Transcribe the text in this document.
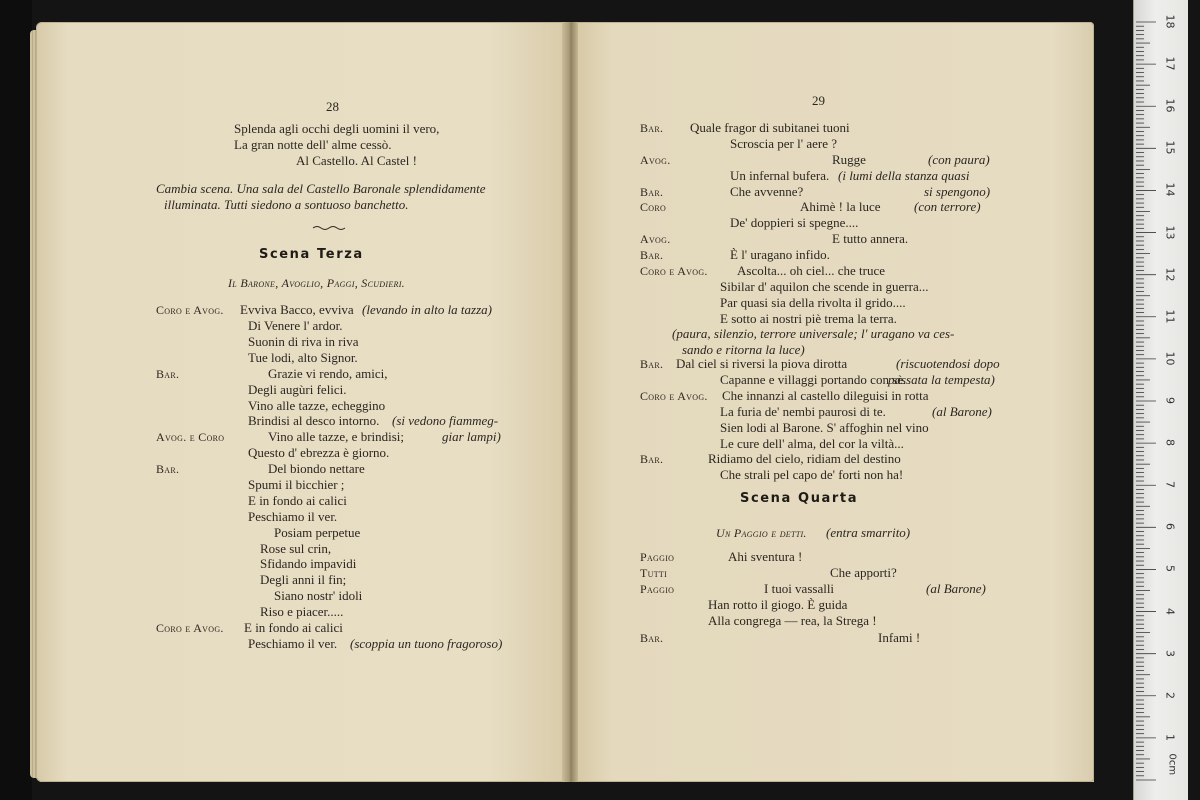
28	29
Scena Terza
Scena Quarta
Splenda agli occhi degli uomini il vero,
La gran notte dell' alme cessò.
Al Castello. Al Castel !
Cambia scena. Una sala del Castello Baronale splendidamente
illuminata. Tutti siedono a sontuoso banchetto.
Il Barone, Avoglio, Paggi, Scudieri.
Coro e Avog. Evviva Bacco, evviva (levando in alto la tazza)
Di Venere l' ardor.
Suonin di riva in riva
Tue lodi, alto Signor.
Bar.	Grazie vi rendo, amici,
Degli augùri felici.
Vino alle tazze, echeggino
Brindisi al desco intorno. (si vedono fiammeg-
Avog. e Coro	Vino alle tazze, e brindisi;	giar lampi)
Questo d' ebrezza è giorno.
Bar.	Del biondo nettare
Spumi il bicchier ;
E in fondo ai calici
Peschiamo il ver.
Posiam perpetue
Rose sul crin,
Sfidando impavidi
Degli anni il fin;
Siano nostr' idoli
Riso e piacer.....
Coro e Avog. E in fondo ai calici
Peschiamo il ver. (scoppia un tuono fragoroso)
Bar. Quale fragor di subitanei tuoni
Scroscia per l' aere ?
Avog.	Rugge	(con paura)
Un infernal bufera. (i lumi della stanza quasi
Bar.	Che avvenne?	si spengono)
Coro	Ahimè ! la luce	(con terrore)
De' doppieri si spegne....
Avog.	E tutto annera.
Bar.	È l' uragano infido.
Coro e Avog. Ascolta... oh ciel... che truce
Sibilar d' aquilon che scende in guerra...
Par quasi sia della rivolta il grido....
E sotto ai nostri piè trema la terra.
(paura, silenzio, terrore universale; l' uragano va ces-
sando e ritorna la luce)
Bar. Dal ciel si riversi la piova dirotta	(riscuotendosi dopo
Capanne e villaggi portando con sè.
passata la tempesta)
Coro e Avog. Che innanzi al castello dileguisi in rotta
La furia de' nembi paurosi di te.	(al Barone)
Sien lodi al Barone. S' affoghin nel vino
Le cure dell' alma, del cor la viltà...
Bar.	Ridiamo del cielo, ridiam del destino
Che strali pel capo de' forti non ha!
Un Paggio e detti. (entra smarrito)
Paggio	Ahi sventura !
Tutti	Che apporti?
Paggio	I tuoi vassalli	(al Barone)
Han rotto il giogo. È guida
Alla congrega — rea, la Strega !
Bar.	Infami !
18
17
16
15
14
13
12
11
10
9
8
7
6
5
4
3
2
1
0cm
